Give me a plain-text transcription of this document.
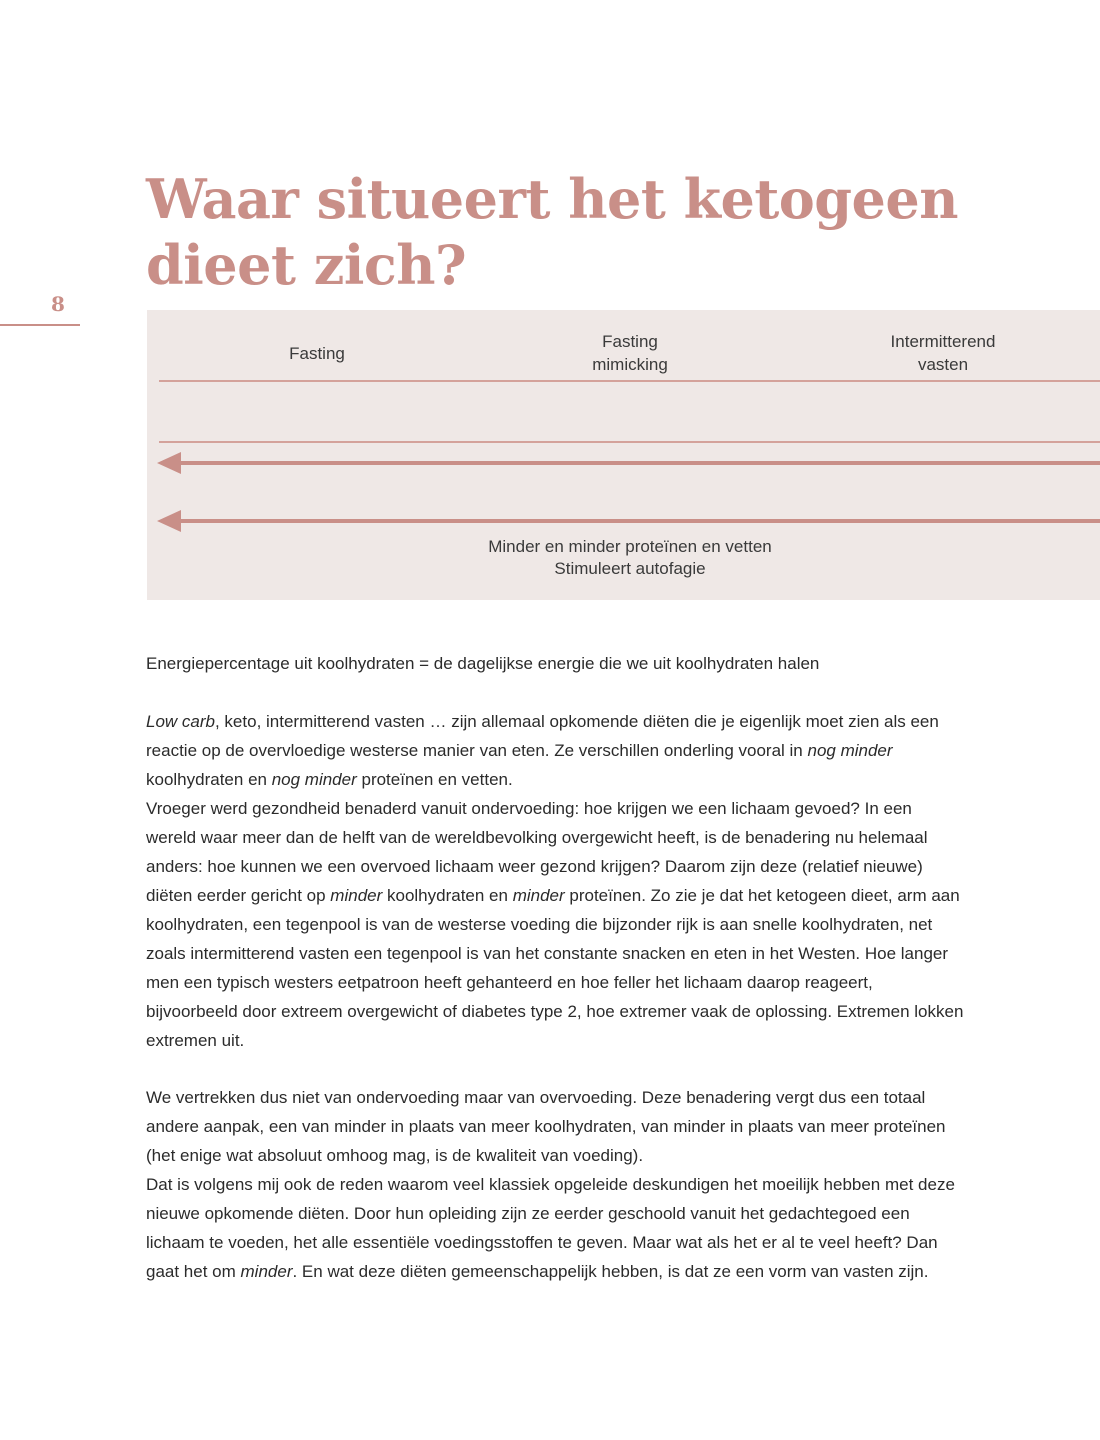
Waar situeert het ketogeen dieet zich?
8
Fasting
Fasting
mimicking
Intermitterend
vasten
Minder en minder proteïnen en vetten
Stimuleert autofagie

Energiepercentage uit koolhydraten = de dagelijkse energie die we uit koolhydraten halen

Low carb, keto, intermitterend vasten … zijn allemaal opkomende diëten die je eigenlijk moet zien als een reactie op de overvloedige westerse manier van eten. Ze verschillen onderling vooral in nog minder koolhydraten en nog minder proteïnen en vetten.
Vroeger werd gezondheid benaderd vanuit ondervoeding: hoe krijgen we een lichaam gevoed? In een wereld waar meer dan de helft van de wereldbevolking overgewicht heeft, is de benadering nu helemaal anders: hoe kunnen we een overvoed lichaam weer gezond krijgen? Daarom zijn deze (relatief nieuwe) diëten eerder gericht op minder koolhydraten en minder proteïnen. Zo zie je dat het ketogeen dieet, arm aan koolhydraten, een tegenpool is van de westerse voeding die bijzonder rijk is aan snelle koolhydraten, net zoals intermitterend vasten een tegenpool is van het constante snacken en eten in het Westen. Hoe langer men een typisch westers eetpatroon heeft gehanteerd en hoe feller het lichaam daarop reageert, bijvoorbeeld door extreem overgewicht of diabetes type 2, hoe extremer vaak de oplossing. Extremen lokken extremen uit.
We vertrekken dus niet van ondervoeding maar van overvoeding. Deze benadering vergt dus een totaal andere aanpak, een van minder in plaats van meer koolhydraten, van minder in plaats van meer proteïnen (het enige wat absoluut omhoog mag, is de kwaliteit van voeding).
Dat is volgens mij ook de reden waarom veel klassiek opgeleide deskundigen het moeilijk hebben met deze nieuwe opkomende diëten. Door hun opleiding zijn ze eerder geschoold vanuit het gedachtegoed een lichaam te voeden, het alle essentiële voedingsstoffen te geven. Maar wat als het er al te veel heeft? Dan gaat het om minder. En wat deze diëten gemeenschappelijk hebben, is dat ze een vorm van vasten zijn.
